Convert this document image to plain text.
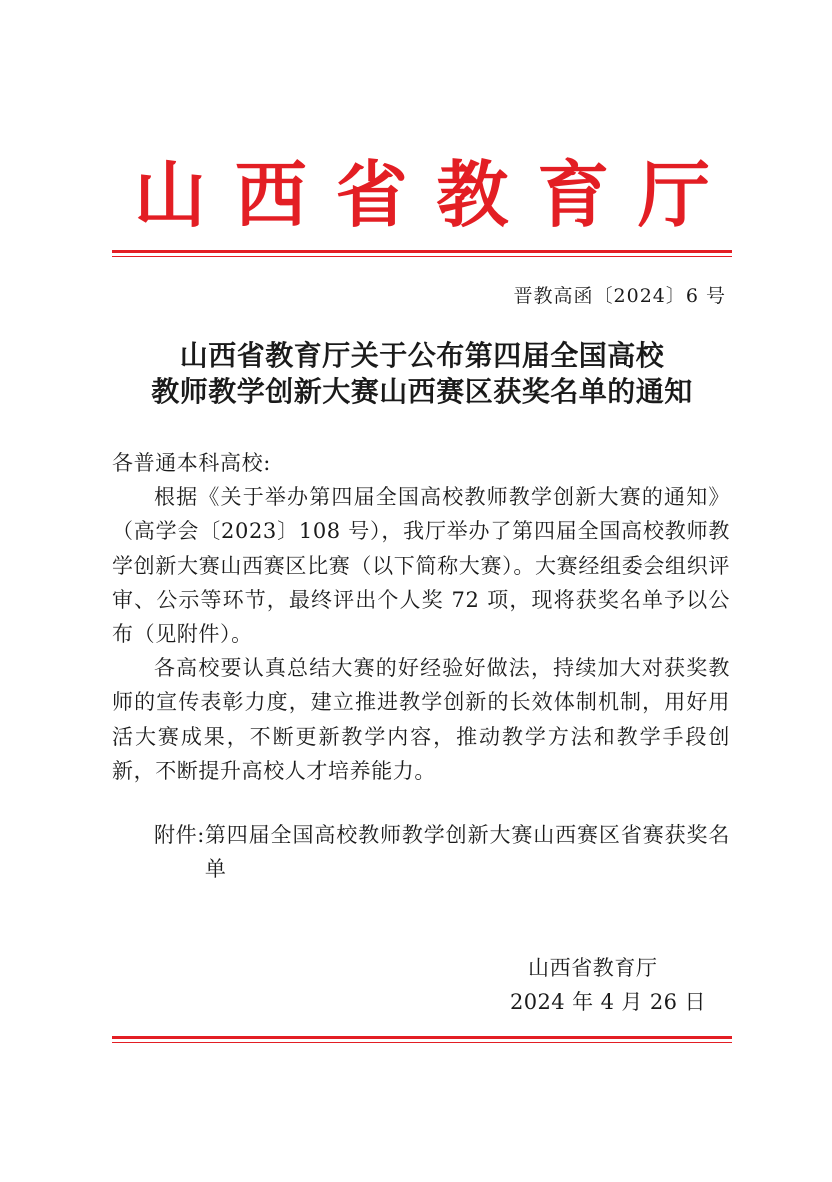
山 西 省 教 育 厅
晋教高函〔2024〕6 号
山西省教育厅关于公布第四届全国高校
教师教学创新大赛山西赛区获奖名单的通知

各普通本科高校:

根据《关于举办第四届全国高校教师教学创新大赛的通知》（高学会〔2023〕108 号），我厅举办了第四届全国高校教师教学创新大赛山西赛区比赛（以下简称大赛）。大赛经组委会组织评审、公示等环节，最终评出个人奖 72 项，现将获奖名单予以公布（见附件）。

各高校要认真总结大赛的好经验好做法，持续加大对获奖教师的宣传表彰力度，建立推进教学创新的长效体制机制，用好用活大赛成果，不断更新教学内容，推动教学方法和教学手段创新，不断提升高校人才培养能力。

附件: 第四届全国高校教师教学创新大赛山西赛区省赛获奖名单
山西省教育厅
2024 年 4 月 26 日
